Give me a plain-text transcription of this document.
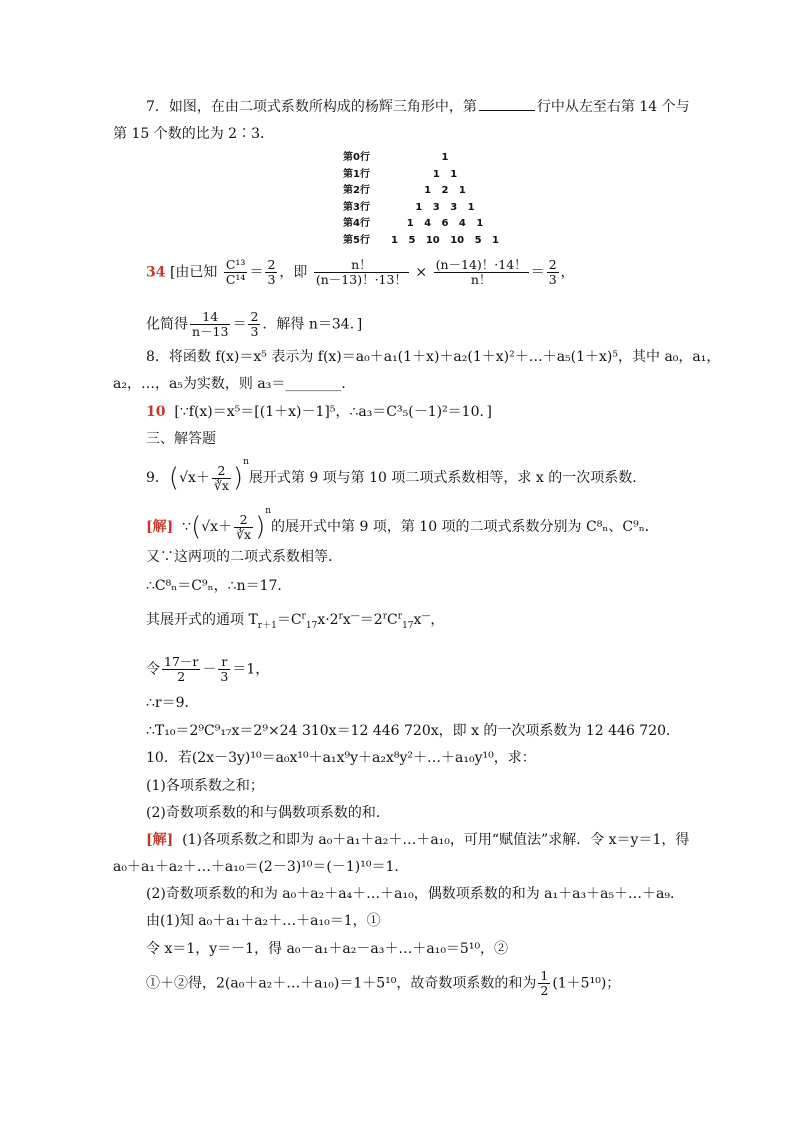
7．如图，在由二项式系数所构成的杨辉三角形中，第	行中从左至右第 14 个与
第 15 个数的比为 2∶3．
第0行	1
第1行	1   1
第2行	1   2   1
第3行	1   3   3   1
第4行	1   4   6   4   1
第5行	1   5   10   10   5   1
34 [由已知 $\frac{\text{C¹³}}{\text{C¹⁴}} = \frac{2}{3}$ ，即 $\frac{n!}{(n-13)!\cdot 13!} \times \frac{(n-14)!\cdot 14!}{n!} = \frac{2}{3}$ ，
化简得 $\frac{14}{n-13} = \frac{2}{3}$ ．解得 n＝34．]
8．将函数 f(x)＝x⁵ 表示为 f(x)＝a₀＋a₁(1＋x)＋a₂(1＋x)²＋…＋a₅(1＋x)⁵，其中 a₀，a₁，
a₂，…，a₅为实数，则 a₃＝________．
10 [∵f(x)＝x⁵＝[(1＋x)－1]⁵，∴a₃＝C³₅(－1)²＝10．]
三、解答题
9．$(√x+ \frac{2}{∛x} )^n$展开式第 9 项与第 10 项二项式系数相等，求 x 的一次项系数．
[解] ∵(√x＋ $\frac{2}{∛x} )^n$的展开式中第 9 项，第 10 项的二项式系数分别为 C⁸ₙ、C⁹ₙ．
又∵这两项的二项式系数相等．
∴C⁸ₙ＝C⁹ₙ，∴n＝17．
其展开式的通项 $T_{r+1}=C^r_{17}x\cdot 2^rx^—=2^rC^r_{17}x^—$，
令 $\frac{17-r}{2} - \frac{r}{3} =1$，
∴r＝9．
∴T₁₀＝2⁹C⁹₁₇x＝2⁹×24 310x＝12 446 720x，即 x 的一次项系数为 12 446 720．
10．若(2x－3y)¹⁰＝a₀x¹⁰＋a₁x⁹y＋a₂x⁸y²＋…＋a₁₀y¹⁰，求：
(1)各项系数之和；
(2)奇数项系数的和与偶数项系数的和．
[解] (1)各项系数之和即为 a₀＋a₁＋a₂＋…＋a₁₀，可用“赋值法”求解．令 x＝y＝1，得
a₀＋a₁＋a₂＋…＋a₁₀＝(2－3)¹⁰＝(－1)¹⁰＝1．
(2)奇数项系数的和为 a₀＋a₂＋a₄＋…＋a₁₀，偶数项系数的和为 a₁＋a₃＋a₅＋…＋a₉．
由(1)知 a₀＋a₁＋a₂＋…＋a₁₀＝1，①
令 x＝1，y＝－1，得 a₀－a₁＋a₂－a₃＋…＋a₁₀＝5¹⁰，②
①＋②得，2(a₀＋a₂＋…＋a₁₀)＝1＋5¹⁰，故奇数项系数的和为 $\frac{1}{2} (1+5^{10})$；
